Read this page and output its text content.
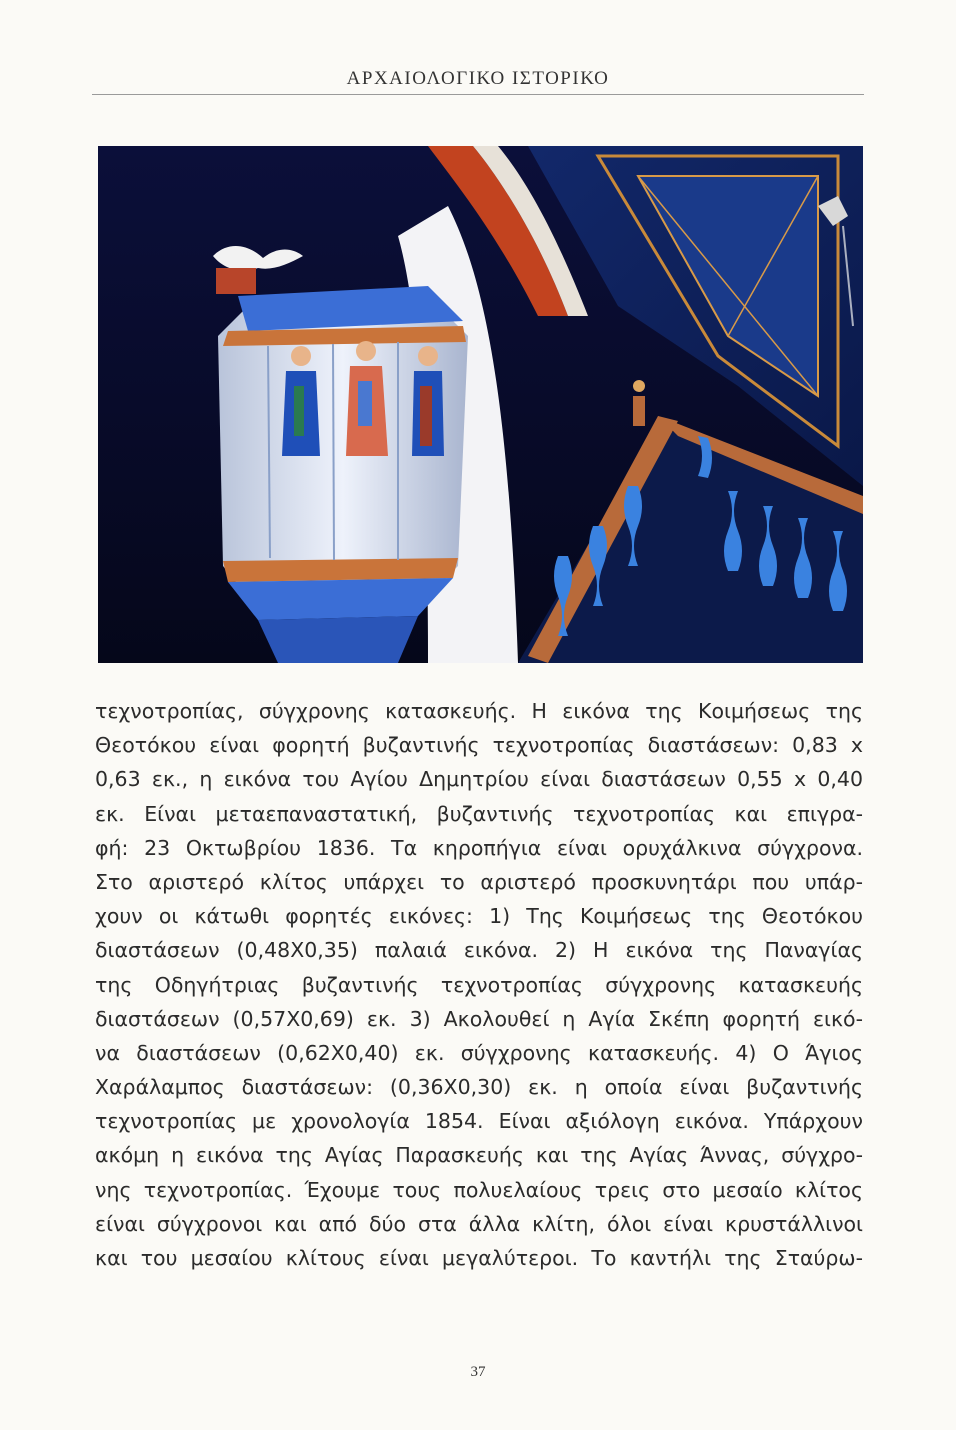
ΑΡΧΑΙΟΛΟΓΙΚΟ ΙΣΤΟΡΙΚΟ
τεχνοτροπίας, σύγχρονης κατασκευής. Η εικόνα της Κοιμήσεως της
Θεοτόκου είναι φορητή βυζαντινής τεχνοτροπίας διαστάσεων: 0,83 x
0,63 εκ., η εικόνα του Αγίου Δημητρίου είναι διαστάσεων 0,55 x 0,40
εκ. Είναι μεταεπαναστατική, βυζαντινής τεχνοτροπίας και επιγρα-
φή: 23 Οκτωβρίου 1836. Τα κηροπήγια είναι ορυχάλκινα σύγχρονα.
Στο αριστερό κλίτος υπάρχει το αριστερό προσκυνητάρι που υπάρ-
χουν οι κάτωθι φορητές εικόνες: 1) Της Κοιμήσεως της Θεοτόκου
διαστάσεων (0,48Χ0,35) παλαιά εικόνα. 2) Η εικόνα της Παναγίας
της Οδηγήτριας βυζαντινής τεχνοτροπίας σύγχρονης κατασκευής
διαστάσεων (0,57Χ0,69) εκ. 3) Ακολουθεί η Αγία Σκέπη φορητή εικό-
να διαστάσεων (0,62Χ0,40) εκ. σύγχρονης κατασκευής. 4) Ο Άγιος
Χαράλαμπος διαστάσεων: (0,36Χ0,30) εκ. η οποία είναι βυζαντινής
τεχνοτροπίας με χρονολογία 1854. Είναι αξιόλογη εικόνα. Υπάρχουν
ακόμη η εικόνα της Αγίας Παρασκευής και της Αγίας Άννας, σύγχρο-
νης τεχνοτροπίας. Έχουμε τους πολυελαίους τρεις στο μεσαίο κλίτος
είναι σύγχρονοι και από δύο στα άλλα κλίτη, όλοι είναι κρυστάλλινοι
και του μεσαίου κλίτους είναι μεγαλύτεροι. Το καντήλι της Σταύρω-
37
